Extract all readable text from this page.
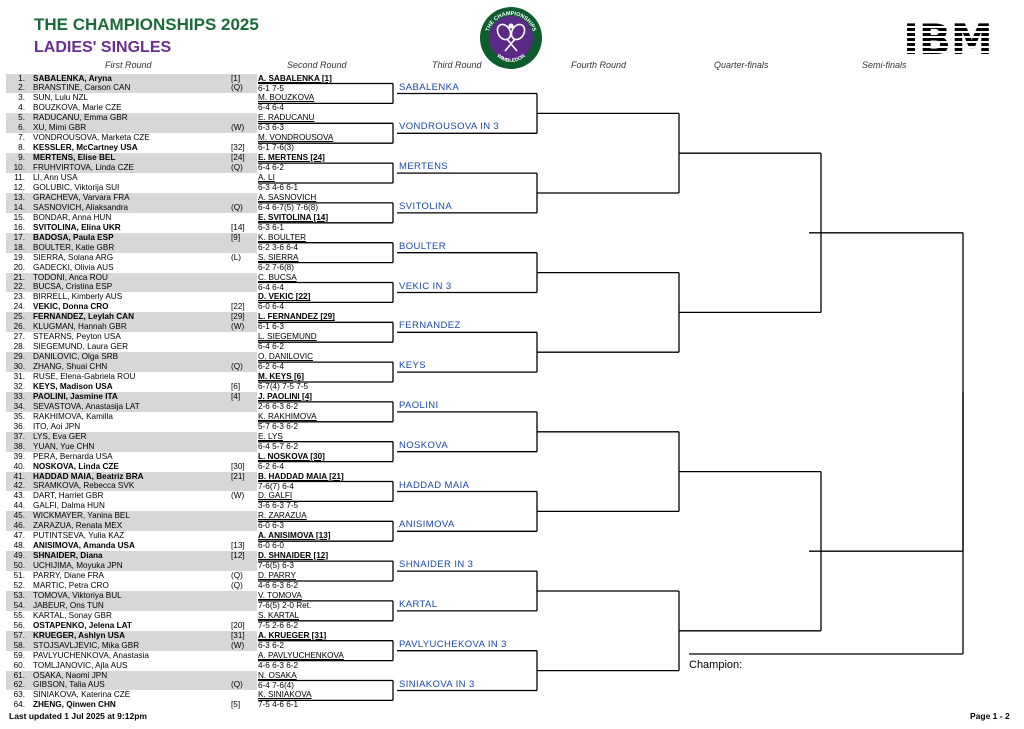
THE CHAMPIONSHIPS 2025
LADIES' SINGLES
THE CHAMPIONSHIPS
WIMBLEDON
First Round	Second Round	Third Round	Fourth Round	Quarter-finals	Semi-finals
1. SABALENKA, Aryna	[1]
2. BRANSTINE, Carson CAN	(Q)
3. SUN, Lulu NZL
4. BOUZKOVA, Marie CZE
5. RADUCANU, Emma GBR
6. XU, Mimi GBR	(W)
7. VONDROUSOVA, Marketa CZE
8. KESSLER, McCartney USA	[32]
9. MERTENS, Elise BEL	[24]
10. FRUHVIRTOVA, Linda CZE	(Q)
11. LI, Ann USA
12. GOLUBIC, Viktorija SUI
13. GRACHEVA, Varvara FRA
14. SASNOVICH, Aliaksandra	(Q)
15. BONDAR, Anna HUN
16. SVITOLINA, Elina UKR	[14]
17. BADOSA, Paula ESP	[9]
18. BOULTER, Katie GBR
19. SIERRA, Solana ARG	(L)
20. GADECKI, Olivia AUS
21. TODONI, Anca ROU
22. BUCSA, Cristina ESP
23. BIRRELL, Kimberly AUS
24. VEKIC, Donna CRO	[22]
25. FERNANDEZ, Leylah CAN	[29]
26. KLUGMAN, Hannah GBR	(W)
27. STEARNS, Peyton USA
28. SIEGEMUND, Laura GER
29. DANILOVIC, Olga SRB
30. ZHANG, Shuai CHN	(Q)
31. RUSE, Elena-Gabriela ROU
32. KEYS, Madison USA	[6]
33. PAOLINI, Jasmine ITA	[4]
34. SEVASTOVA, Anastasija LAT
35. RAKHIMOVA, Kamilla
36. ITO, Aoi JPN
37. LYS, Eva GER
38. YUAN, Yue CHN
39. PERA, Bernarda USA
40. NOSKOVA, Linda CZE	[30]
41. HADDAD MAIA, Beatriz BRA	[21]
42. SRAMKOVA, Rebecca SVK
43. DART, Harriet GBR	(W)
44. GALFI, Dalma HUN
45. WICKMAYER, Yanina BEL
46. ZARAZUA, Renata MEX
47. PUTINTSEVA, Yulia KAZ
48. ANISIMOVA, Amanda USA	[13]
49. SHNAIDER, Diana	[12]
50. UCHIJIMA, Moyuka JPN
51. PARRY, Diane FRA	(Q)
52. MARTIC, Petra CRO	(Q)
53. TOMOVA, Viktoriya BUL
54. JABEUR, Ons TUN
55. KARTAL, Sonay GBR
56. OSTAPENKO, Jelena LAT	[20]
57. KRUEGER, Ashlyn USA	[31]
58. STOJSAVLJEVIC, Mika GBR	(W)
59. PAVLYUCHENKOVA, Anastasia
60. TOMLJANOVIC, Ajla AUS
61. OSAKA, Naomi JPN
62. GIBSON, Talia AUS	(Q)
63. SINIAKOVA, Katerina CZE
64. ZHENG, Qinwen CHN	[5]
A. SABALENKA [1]
6-1 7-5
M. BOUZKOVA
6-4 6-4
E. RADUCANU
6-3 6-3
M. VONDROUSOVA
6-1 7-6(3)
E. MERTENS [24]
6-4 6-2
A. LI
6-3 4-6 6-1
A. SASNOVICH
6-4 6-7(5) 7-6(8)
E. SVITOLINA [14]
6-3 6-1
K. BOULTER
6-2 3-6 6-4
S. SIERRA
6-2 7-6(8)
C. BUCSA
6-4 6-4
D. VEKIC [22]
6-0 6-4
L. FERNANDEZ [29]
6-1 6-3
L. SIEGEMUND
6-4 6-2
O. DANILOVIC
6-2 6-4
M. KEYS [6]
6-7(4) 7-5 7-5
J. PAOLINI [4]
2-6 6-3 6-2
K. RAKHIMOVA
5-7 6-3 6-2
E. LYS
6-4 5-7 6-2
L. NOSKOVA [30]
6-2 6-4
B. HADDAD MAIA [21]
7-6(7) 6-4
D. GALFI
3-6 6-3 7-5
R. ZARAZUA
6-0 6-3
A. ANISIMOVA [13]
6-0 6-0
D. SHNAIDER [12]
7-6(5) 6-3
D. PARRY
4-6 6-3 6-2
V. TOMOVA
7-6(5) 2-0 Ret.
S. KARTAL
7-5 2-6 6-2
A. KRUEGER [31]
6-3 6-2
A. PAVLYUCHENKOVA
4-6 6-3 6-2
N. OSAKA
6-4 7-6(4)
K. SINIAKOVA
7-5 4-6 6-1
SABALENKA
VONDROUSOVA IN 3
MERTENS
SVITOLINA
BOULTER
VEKIC IN 3
FERNANDEZ
KEYS
PAOLINI
NOSKOVA
HADDAD MAIA
ANISIMOVA
SHNAIDER IN 3
KARTAL
PAVLYUCHEKOVA IN 3
SINIAKOVA IN 3
Champion:
Last updated 1 Jul 2025 at 9:12pm	Page 1 - 2
